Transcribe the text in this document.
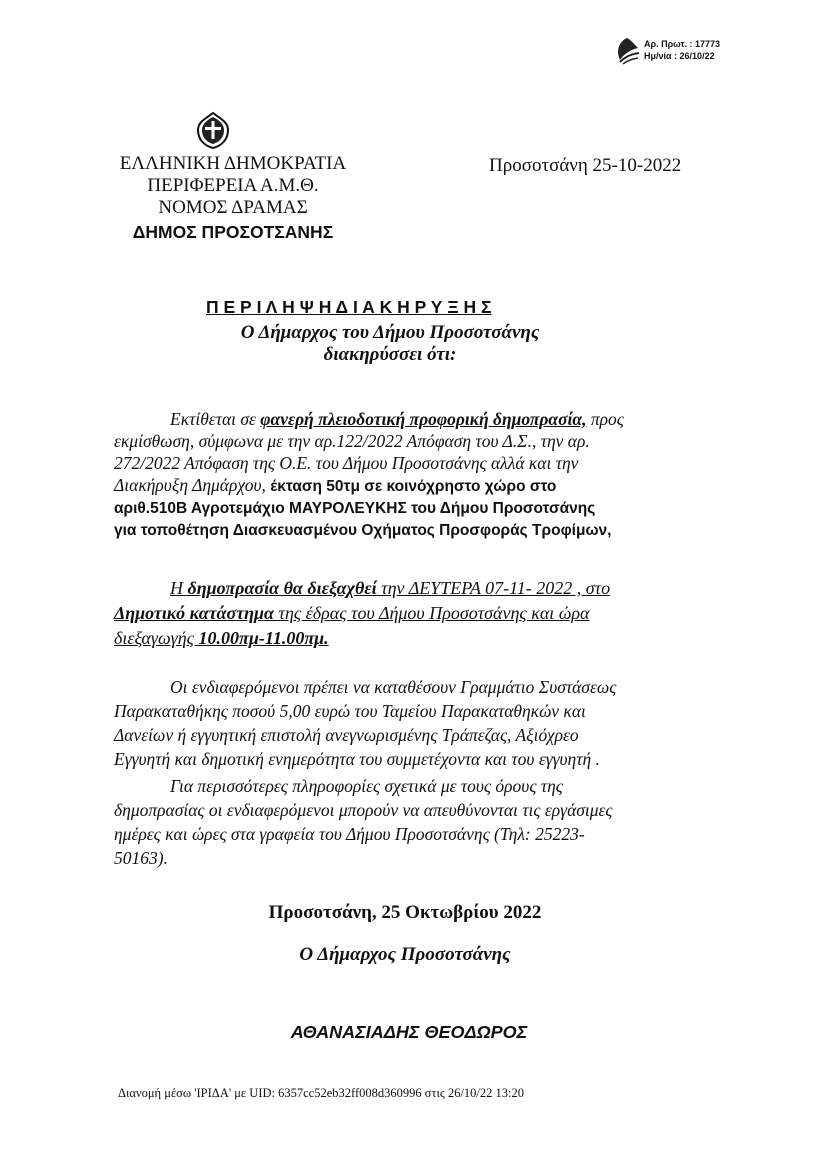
Αρ. Πρωτ. : 17773
Ημ/νία : 26/10/22
ΕΛΛΗΝΙΚΗ ΔΗΜΟΚΡΑΤΙΑ
ΠΕΡΙΦΕΡΕΙΑ Α.Μ.Θ.
ΝΟΜΟΣ ΔΡΑΜΑΣ
ΔΗΜΟΣ ΠΡΟΣΟΤΣΑΝΗΣ
Προσοτσάνη 25-10-2022
Π Ε Ρ Ι Λ Η Ψ Η Δ Ι Α Κ Η Ρ Υ Ξ Η Σ
Ο Δήμαρχος του Δήμου Προσοτσάνης
διακηρύσσει ότι:
Εκτίθεται σε φανερή πλειοδοτική προφορική δημοπρασία, προς
εκμίσθωση, σύμφωνα με την αρ.122/2022 Απόφαση του Δ.Σ., την αρ.
272/2022 Απόφαση της Ο.Ε. του Δήμου Προσοτσάνης αλλά και την
Διακήρυξη Δημάρχου, έκταση 50τμ σε κοινόχρηστο χώρο στο
αριθ.510Β Αγροτεμάχιο ΜΑΥΡΟΛΕΥΚΗΣ του Δήμου Προσοτσάνης
για τοποθέτηση Διασκευασμένου Οχήματος Προσφοράς Τροφίμων,
Η δημοπρασία θα διεξαχθεί την ΔΕΥΤΕΡΑ 07-11- 2022 , στο
Δημοτικό κατάστημα της έδρας του Δήμου Προσοτσάνης και ώρα
διεξαγωγής 10.00πμ-11.00πμ.
Οι ενδιαφερόμενοι πρέπει να καταθέσουν Γραμμάτιο Συστάσεως
Παρακαταθήκης ποσού 5,00 ευρώ του Ταμείου Παρακαταθηκών και
Δανείων ή εγγυητική επιστολή ανεγνωρισμένης Τράπεζας, Αξιόχρεο
Εγγυητή και δημοτική ενημερότητα του συμμετέχοντα και του εγγυητή .
Για περισσότερες πληροφορίες σχετικά με τους όρους της
δημοπρασίας οι ενδιαφερόμενοι μπορούν να απευθύνονται τις εργάσιμες
ημέρες και ώρες στα γραφεία του Δήμου Προσοτσάνης (Τηλ: 25223-
50163).
Προσοτσάνη, 25 Οκτωβρίου 2022
Ο Δήμαρχος Προσοτσάνης
ΑΘΑΝΑΣΙΑΔΗΣ ΘΕΟΔΩΡΟΣ
Διανομή μέσω 'ΙΡΙΔΑ' με UID: 6357cc52eb32ff008d360996 στις 26/10/22 13:20
